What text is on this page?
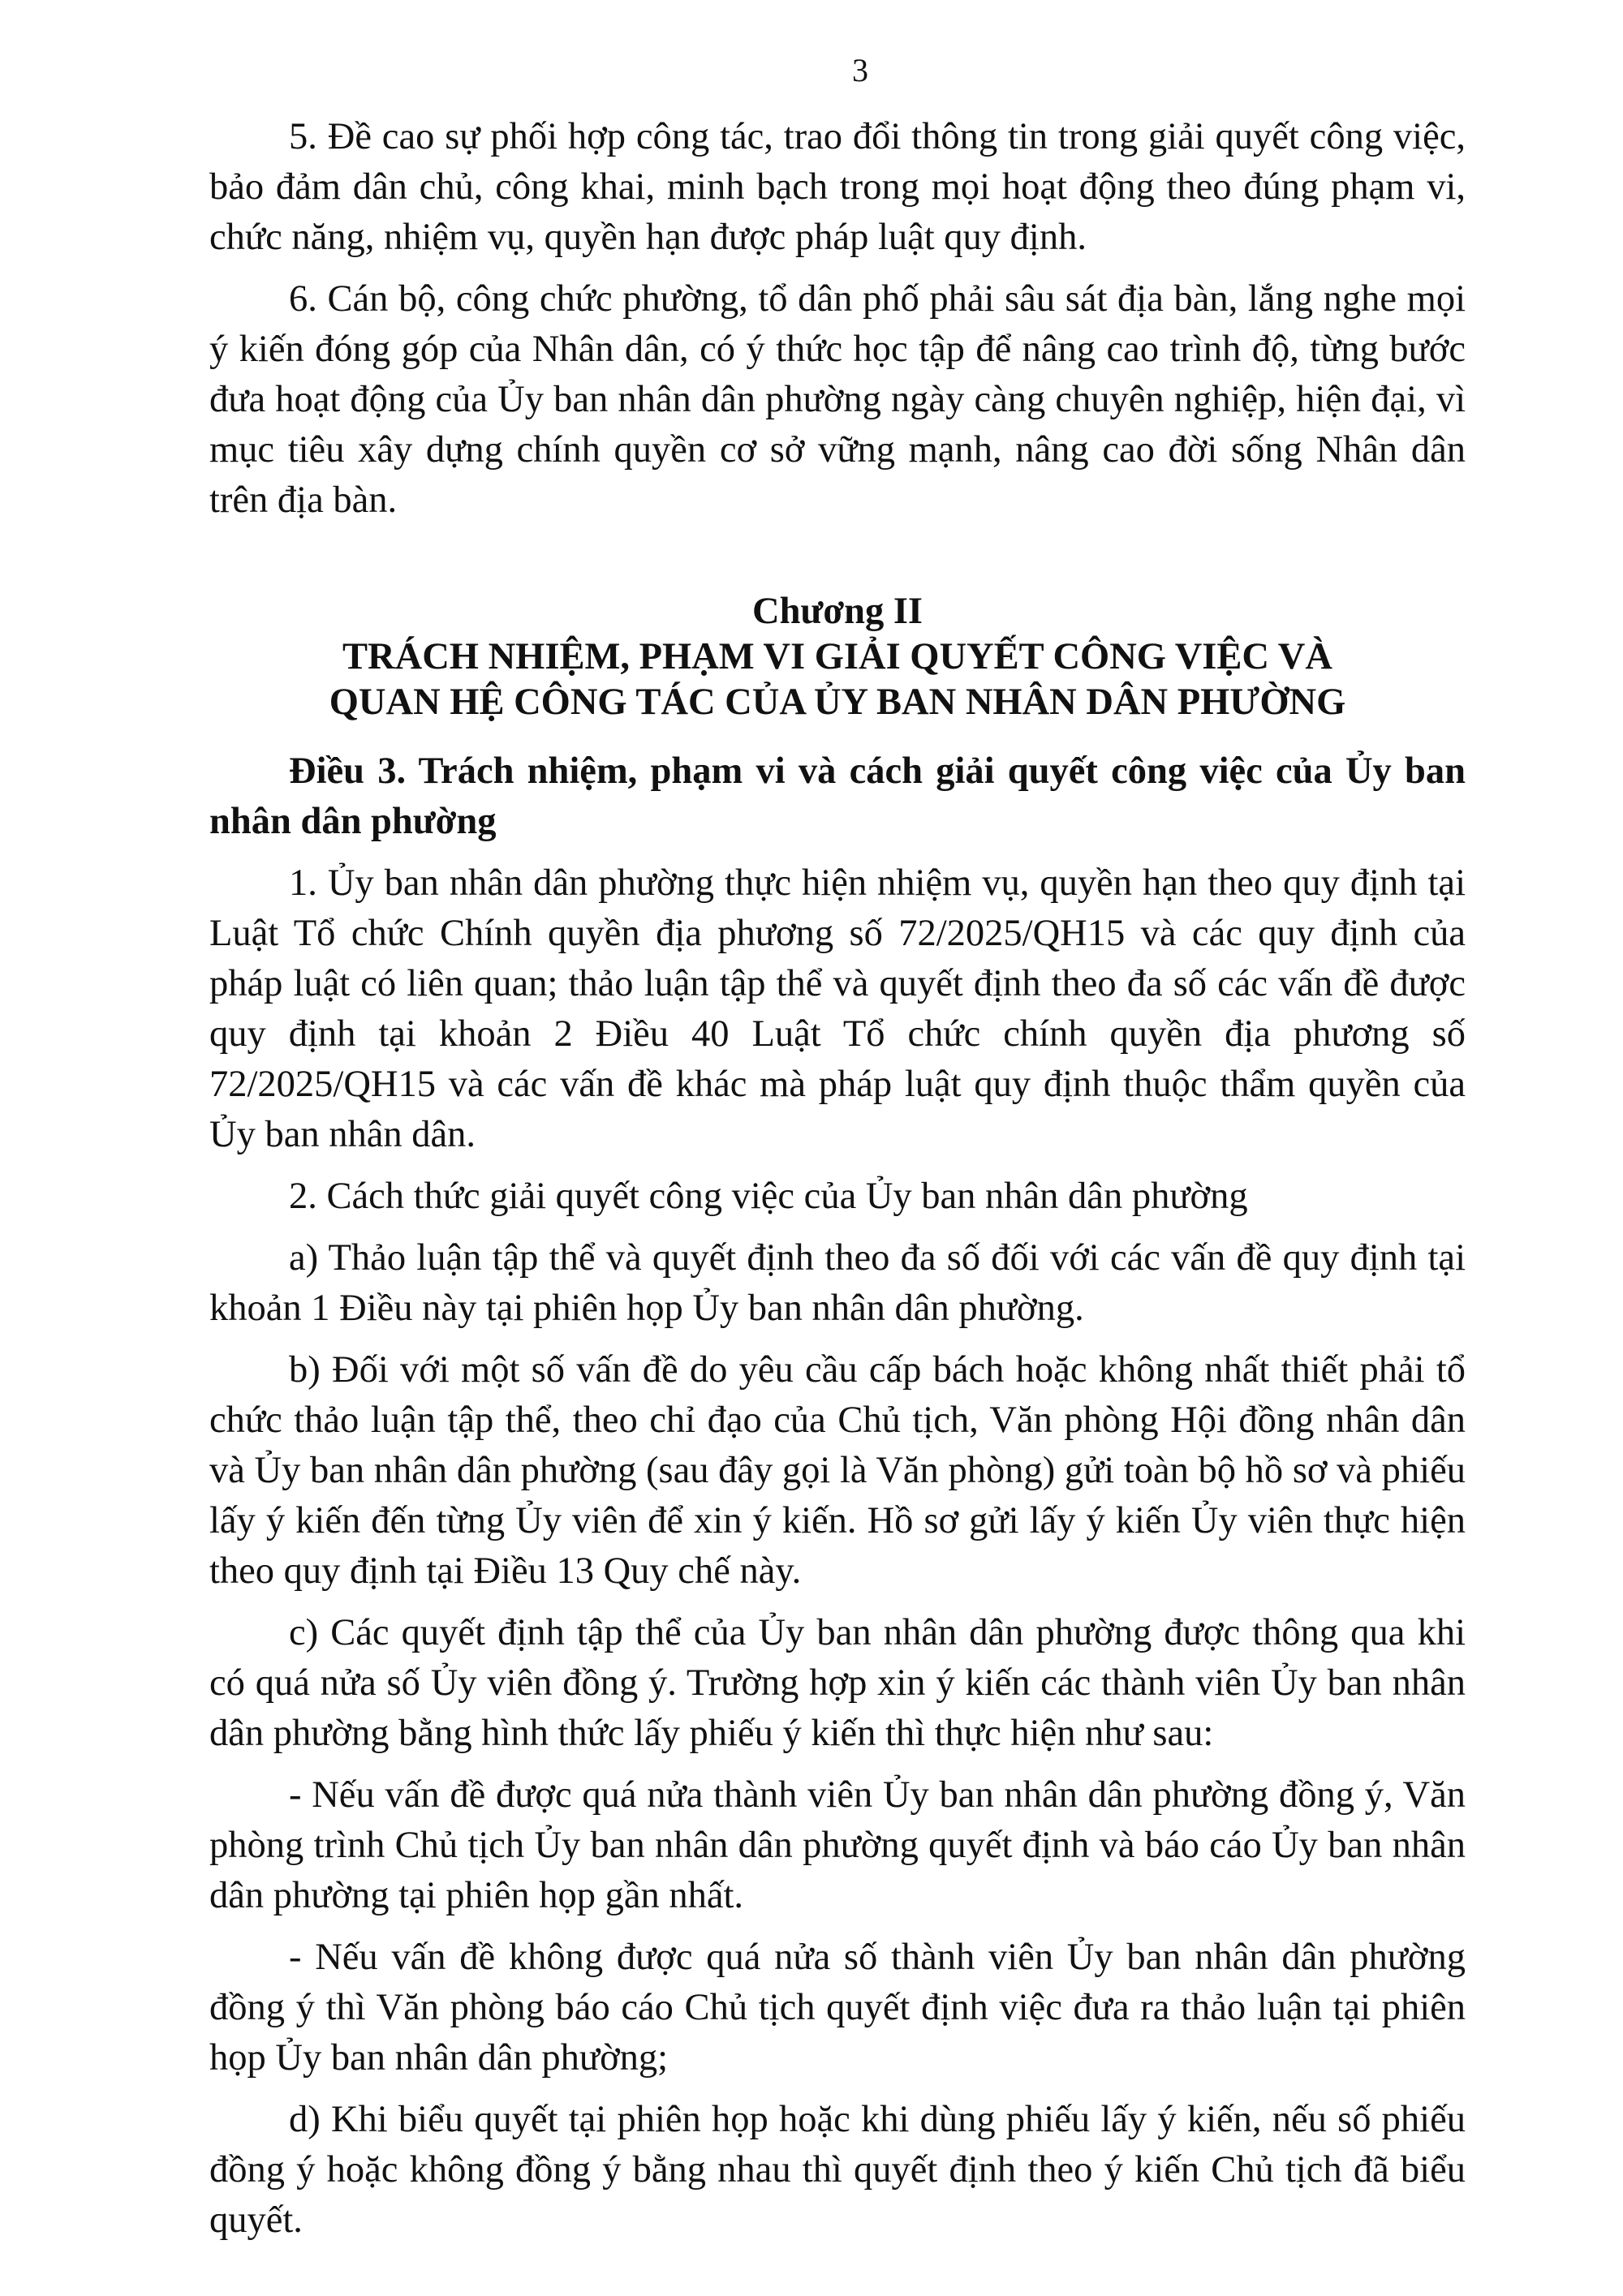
3

5. Đề cao sự phối hợp công tác, trao đổi thông tin trong giải quyết công việc, bảo đảm dân chủ, công khai, minh bạch trong mọi hoạt động theo đúng phạm vi, chức năng, nhiệm vụ, quyền hạn được pháp luật quy định.

6. Cán bộ, công chức phường, tổ dân phố phải sâu sát địa bàn, lắng nghe mọi ý kiến đóng góp của Nhân dân, có ý thức học tập để nâng cao trình độ, từng bước đưa hoạt động của Ủy ban nhân dân phường ngày càng chuyên nghiệp, hiện đại, vì mục tiêu xây dựng chính quyền cơ sở vững mạnh, nâng cao đời sống Nhân dân trên địa bàn.

Chương II
TRÁCH NHIỆM, PHẠM VI GIẢI QUYẾT CÔNG VIỆC VÀ
QUAN HỆ CÔNG TÁC CỦA ỦY BAN NHÂN DÂN PHƯỜNG

Điều 3. Trách nhiệm, phạm vi và cách giải quyết công việc của Ủy ban nhân dân phường

1. Ủy ban nhân dân phường thực hiện nhiệm vụ, quyền hạn theo quy định tại Luật Tổ chức Chính quyền địa phương số 72/2025/QH15 và các quy định của pháp luật có liên quan; thảo luận tập thể và quyết định theo đa số các vấn đề được quy định tại khoản 2 Điều 40 Luật Tổ chức chính quyền địa phương số 72/2025/QH15 và các vấn đề khác mà pháp luật quy định thuộc thẩm quyền của Ủy ban nhân dân.

2. Cách thức giải quyết công việc của Ủy ban nhân dân phường

a) Thảo luận tập thể và quyết định theo đa số đối với các vấn đề quy định tại khoản 1 Điều này tại phiên họp Ủy ban nhân dân phường.

b) Đối với một số vấn đề do yêu cầu cấp bách hoặc không nhất thiết phải tổ chức thảo luận tập thể, theo chỉ đạo của Chủ tịch, Văn phòng Hội đồng nhân dân và Ủy ban nhân dân phường (sau đây gọi là Văn phòng) gửi toàn bộ hồ sơ và phiếu lấy ý kiến đến từng Ủy viên để xin ý kiến. Hồ sơ gửi lấy ý kiến Ủy viên thực hiện theo quy định tại Điều 13 Quy chế này.

c) Các quyết định tập thể của Ủy ban nhân dân phường được thông qua khi có quá nửa số Ủy viên đồng ý. Trường hợp xin ý kiến các thành viên Ủy ban nhân dân phường bằng hình thức lấy phiếu ý kiến thì thực hiện như sau:

- Nếu vấn đề được quá nửa thành viên Ủy ban nhân dân phường đồng ý, Văn phòng trình Chủ tịch Ủy ban nhân dân phường quyết định và báo cáo Ủy ban nhân dân phường tại phiên họp gần nhất.

- Nếu vấn đề không được quá nửa số thành viên Ủy ban nhân dân phường đồng ý thì Văn phòng báo cáo Chủ tịch quyết định việc đưa ra thảo luận tại phiên họp Ủy ban nhân dân phường;

d) Khi biểu quyết tại phiên họp hoặc khi dùng phiếu lấy ý kiến, nếu số phiếu đồng ý hoặc không đồng ý bằng nhau thì quyết định theo ý kiến Chủ tịch đã biểu quyết.
